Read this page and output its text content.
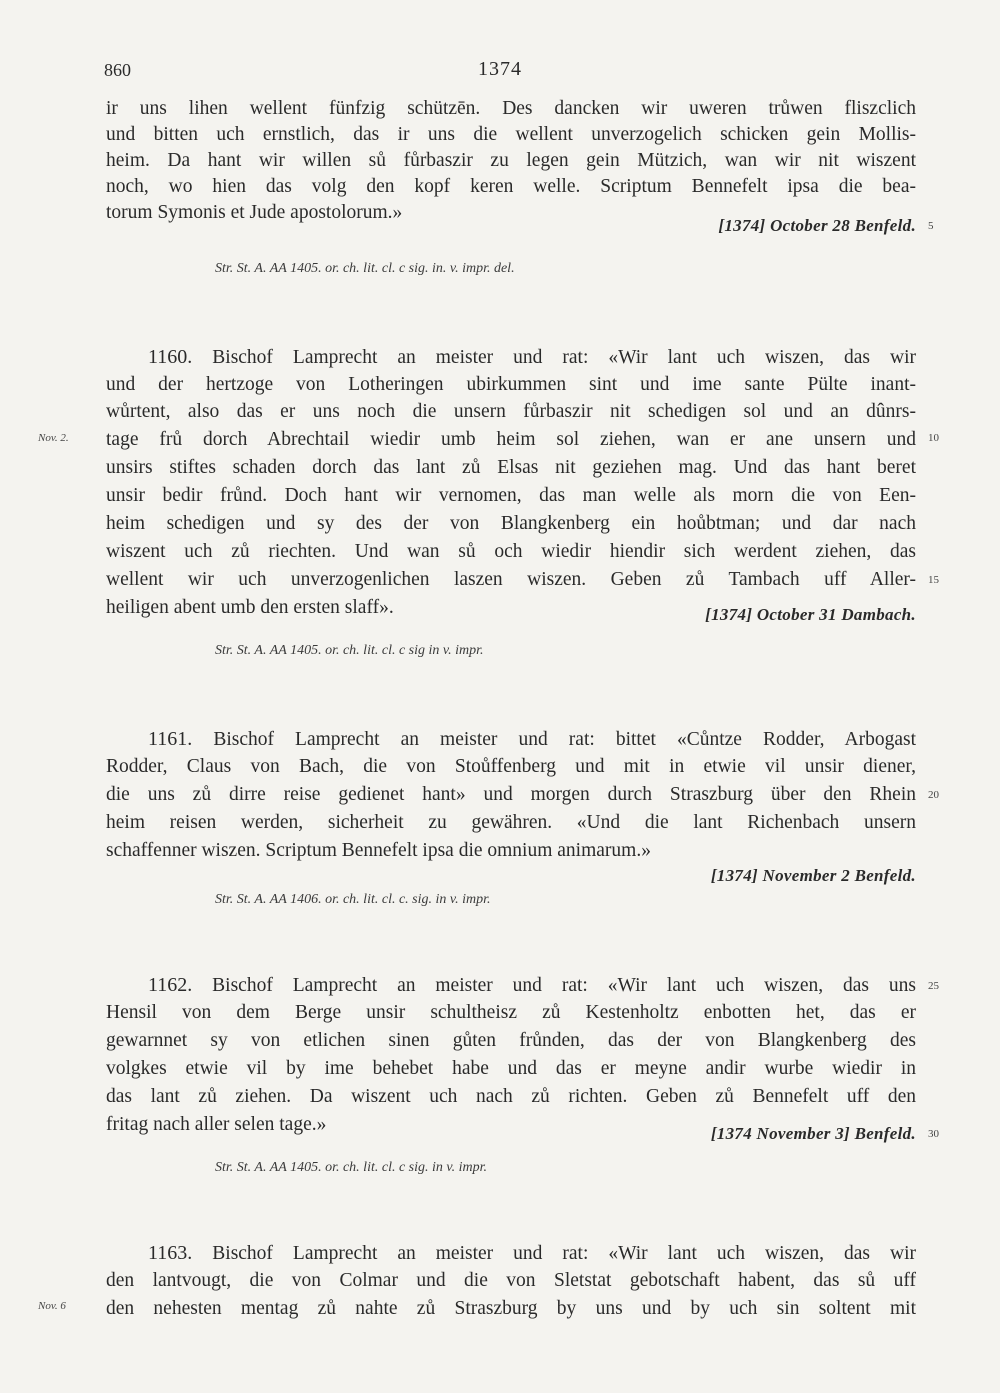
860	1374
ir uns lihen wellent fünfzig schützēn. Des dancken wir uweren trůwen fliszclich
und bitten uch ernstlich, das ir uns die wellent unverzogelich schicken gein Mollis-
heim. Da hant wir willen sů fůrbaszir zu legen gein Mützich, wan wir nit wiszent
noch, wo hien das volg den kopf keren welle. Scriptum Bennefelt ipsa die bea-
torum Symonis et Jude apostolorum.»
[1374] October 28 Benfeld. 5
Str. St. A. AA 1405. or. ch. lit. cl. c sig. in. v. impr. del.
1160. Bischof Lamprecht an meister und rat: «Wir lant uch wiszen, das wir
und der hertzoge von Lotheringen ubirkummen sint und ime sante Pülte inant-
wůrtent, also das er uns noch die unsern fůrbaszir nit schedigen sol und an dûnrs-
Nov. 2. tage frů dorch Abrechtail wiedir umb heim sol ziehen, wan er ane unsern und 10
unsirs stiftes schaden dorch das lant zů Elsas nit geziehen mag. Und das hant beret
unsir bedir frůnd. Doch hant wir vernomen, das man welle als morn die von Een-
heim schedigen und sy des der von Blangkenberg ein hoůbtman; und dar nach
wiszent uch zů riechten. Und wan sů och wiedir hiendir sich werdent ziehen, das
wellent wir uch unverzogenlichen laszen wiszen. Geben zů Tambach uff Aller- 15
heiligen abent umb den ersten slaff».	[1374] October 31 Dambach.
Str. St. A. AA 1405. or. ch. lit. cl. c sig in v. impr.
1161. Bischof Lamprecht an meister und rat: bittet «Cůntze Rodder, Arbogast
Rodder, Claus von Bach, die von Stoůffenberg und mit in etwie vil unsir diener,
die uns zů dirre reise gedienet hant» und morgen durch Straszburg über den Rhein 20
heim reisen werden, sicherheit zu gewähren. «Und die lant Richenbach unsern
schaffenner wiszen. Scriptum Bennefelt ipsa die omnium animarum.»
[1374] November 2 Benfeld.
Str. St. A. AA 1406. or. ch. lit. cl. c. sig. in v. impr.
1162. Bischof Lamprecht an meister und rat: «Wir lant uch wiszen, das uns 25
Hensil von dem Berge unsir schultheisz zů Kestenholtz enbotten het, das er
gewarnnet sy von etlichen sinen gůten frůnden, das der von Blangkenberg des
volgkes etwie vil by ime behebet habe und das er meyne andir wurbe wiedir in
das lant zů ziehen. Da wiszent uch nach zů richten. Geben zů Bennefelt uff den
fritag nach aller selen tage.»	[1374 November 3] Benfeld. 30
Str. St. A. AA 1405. or. ch. lit. cl. c sig. in v. impr.
1163. Bischof Lamprecht an meister und rat: «Wir lant uch wiszen, das wir
den lantvougt, die von Colmar und die von Sletstat gebotschaft habent, das sů uff
Nov. 6 den nehesten mentag zů nahte zů Straszburg by uns und by uch sin soltent mit
